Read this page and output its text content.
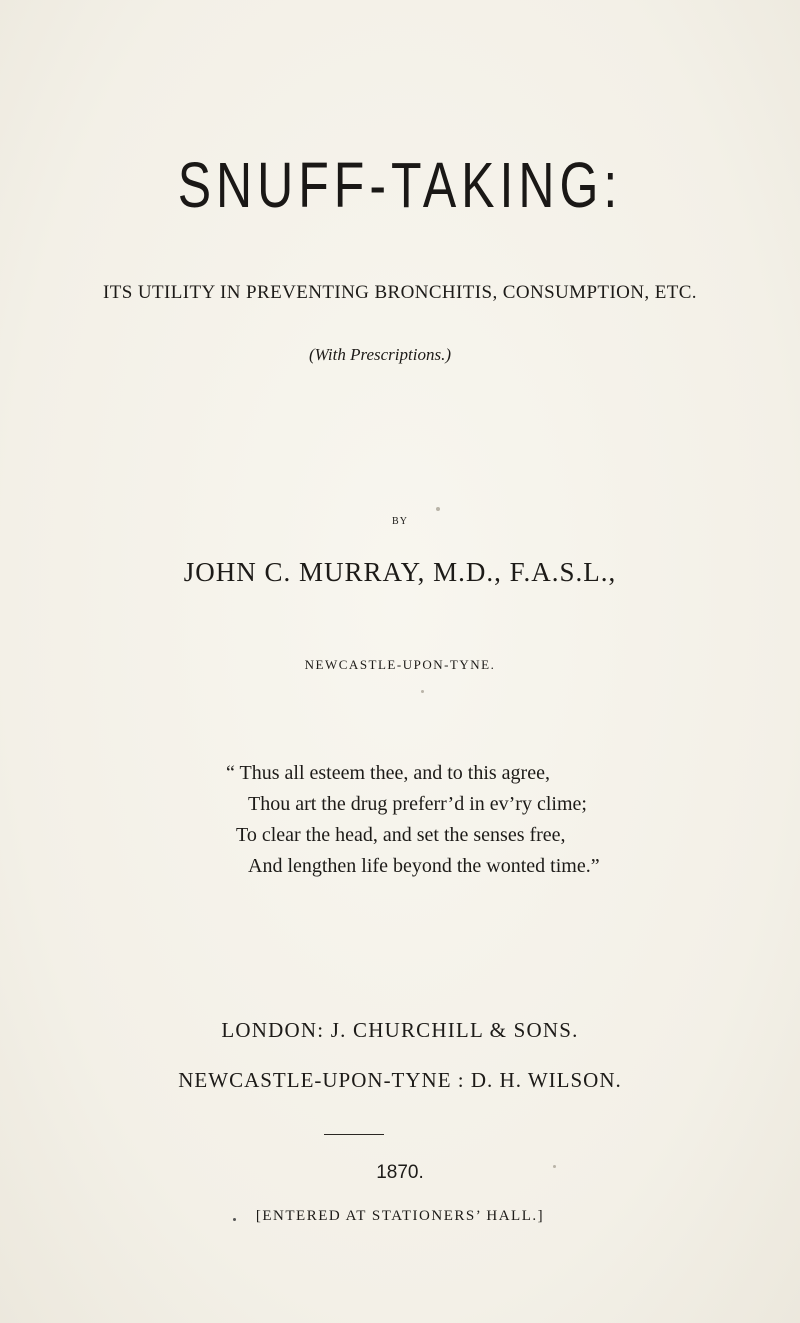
SNUFF-TAKING:
ITS UTILITY IN PREVENTING BRONCHITIS, CONSUMPTION, ETC.
(With Prescriptions.)
BY
JOHN C. MURRAY, M.D., F.A.S.L.,
NEWCASTLE-UPON-TYNE.
“ Thus all esteem thee, and to this agree,
Thou art the drug preferr’d in ev’ry clime;
To clear the head, and set the senses free,
And lengthen life beyond the wonted time.”
LONDON: J. CHURCHILL & SONS.
NEWCASTLE-UPON-TYNE : D. H. WILSON.
1870.
[ENTERED AT STATIONERS’ HALL.]
